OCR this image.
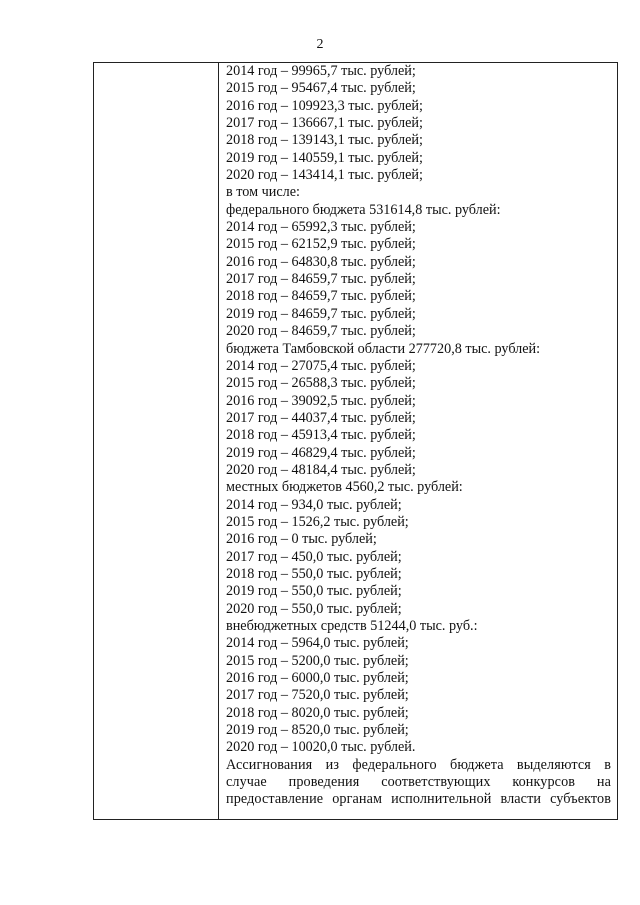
2
2014 год – 99965,7 тыс. рублей;
2015 год – 95467,4 тыс. рублей;
2016 год – 109923,3 тыс. рублей;
2017 год – 136667,1 тыс. рублей;
2018 год – 139143,1 тыс. рублей;
2019 год – 140559,1 тыс. рублей;
2020 год – 143414,1 тыс. рублей;
в том числе:
федерального бюджета 531614,8 тыс. рублей:
2014 год – 65992,3 тыс. рублей;
2015 год – 62152,9 тыс. рублей;
2016 год – 64830,8 тыс. рублей;
2017 год – 84659,7 тыс. рублей;
2018 год – 84659,7 тыс. рублей;
2019 год – 84659,7 тыс. рублей;
2020 год – 84659,7 тыс. рублей;
бюджета Тамбовской области 277720,8 тыс. рублей:
2014 год – 27075,4 тыс. рублей;
2015 год – 26588,3 тыс. рублей;
2016 год – 39092,5 тыс. рублей;
2017 год – 44037,4 тыс. рублей;
2018 год – 45913,4 тыс. рублей;
2019 год – 46829,4 тыс. рублей;
2020 год – 48184,4 тыс. рублей;
местных бюджетов 4560,2 тыс. рублей:
2014 год – 934,0 тыс. рублей;
2015 год – 1526,2 тыс. рублей;
2016 год – 0 тыс. рублей;
2017 год – 450,0 тыс. рублей;
2018 год – 550,0 тыс. рублей;
2019 год – 550,0 тыс. рублей;
2020 год – 550,0 тыс. рублей;
внебюджетных средств 51244,0 тыс. руб.:
2014 год – 5964,0 тыс. рублей;
2015 год – 5200,0 тыс. рублей;
2016 год – 6000,0 тыс. рублей;
2017 год – 7520,0 тыс. рублей;
2018 год – 8020,0 тыс. рублей;
2019 год – 8520,0 тыс. рублей;
2020 год – 10020,0 тыс. рублей.
Ассигнования из федерального бюджета выделяются в
случае проведения соответствующих конкурсов на
предоставление органам исполнительной власти субъектов
